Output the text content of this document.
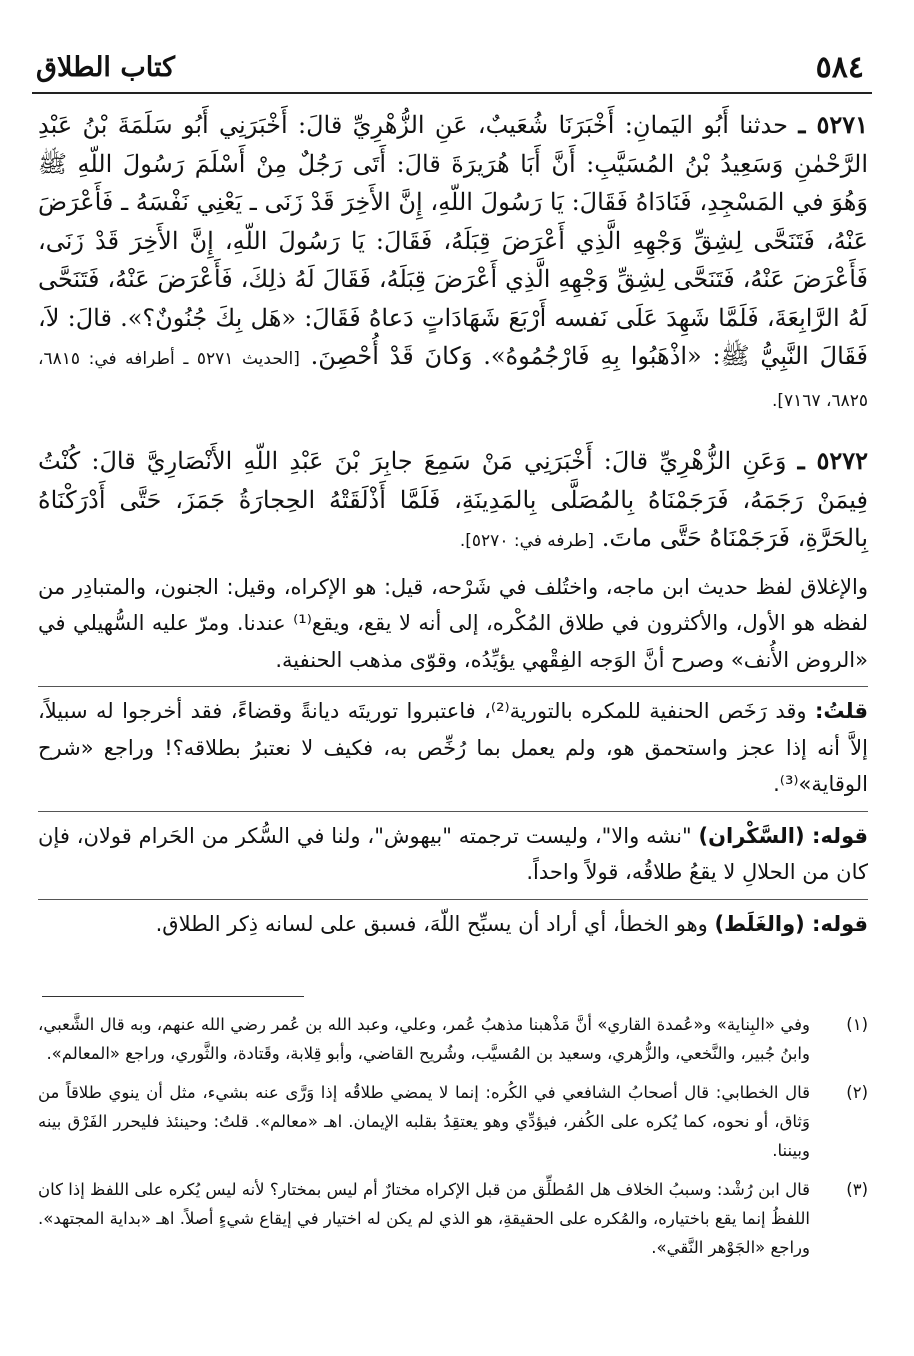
٥٨٤
كتاب الطلاق

٥٢٧١ ـ حدثنا أَبُو اليَمانِ: أَخْبَرَنَا شُعَيبٌ، عَنِ الزُّهْرِيِّ قالَ: أَخْبَرَنِي أَبُو سَلَمَةَ بْنُ عَبْدِ الرَّحْمٰنِ وَسَعِيدُ بْنُ المُسَيَّبِ: أَنَّ أَبَا هُرَيرَةَ قالَ: أَتَى رَجُلٌ مِنْ أَسْلَمَ رَسُولَ اللّهِ ﷺ وَهُوَ في المَسْجِدِ، فَنَادَاهُ فَقَالَ: يَا رَسُولَ اللّهِ، إِنَّ الأَخِرَ قَدْ زَنَى ـ يَعْنِي نَفْسَهُ ـ فَأَعْرَضَ عَنْهُ، فَتَنَحَّى لِشِقِّ وَجْهِهِ الَّذِي أَعْرَضَ قِبَلَهُ، فَقَالَ: يَا رَسُولَ اللّهِ، إِنَّ الأَخِرَ قَدْ زَنَى، فَأَعْرَضَ عَنْهُ، فَتَنَحَّى لِشِقِّ وَجْهِهِ الَّذِي أَعْرَضَ قِبَلَهُ، فَقَالَ لَهُ ذلِكَ، فَأَعْرَضَ عَنْهُ، فَتَنَحَّى لَهُ الرَّابِعَةَ، فَلَمَّا شَهِدَ عَلَى نَفسه أَرْبَعَ شَهَادَاتٍ دَعاهُ فَقَالَ: «هَل بِكَ جُنُونٌ؟». قالَ: لاَ، فَقَالَ النَّبِيُّ ﷺ: «اذْهَبُوا بِهِ فَارْجُمُوهُ». وَكانَ قَدْ أُحْصِنَ. [الحديث ٥٢٧١ ـ أطرافه في: ٦٨١٥، ٦٨٢٥، ٧١٦٧].

٥٢٧٢ ـ وَعَنِ الزُّهْرِيِّ قالَ: أَخْبَرَنِي مَنْ سَمِعَ جابِرَ بْنَ عَبْدِ اللّهِ الأَنْصَارِيَّ قالَ: كُنْتُ فِيمَنْ رَجَمَهُ، فَرَجَمْنَاهُ بِالمُصَلَّى بِالمَدِينَةِ، فَلَمَّا أَذْلَقَتْهُ الحِجارَةُ جَمَزَ، حَتَّى أَدْرَكْنَاهُ بِالحَرَّةِ، فَرَجَمْنَاهُ حَتَّى ماتَ. [طرفه في: ٥٢٧٠].

والإغلاق لفظ حديث ابن ماجه، واختُلف في شَرْحه، قيل: هو الإكراه، وقيل: الجنون، والمتبادِر من لفظه هو الأول، والأكثرون في طلاق المُكْره، إلى أنه لا يقع، ويقع⁽¹⁾ عندنا. ومرّ عليه السُّهيلي في «الروض الأُنف» وصرح أنَّ الوَجه الفِقْهي يؤيِّدُه، وقوّى مذهب الحنفية.

قلتُ: وقد رَخَص الحنفية للمكره بالتورية⁽²⁾، فاعتبروا توريتَه ديانةً وقضاءً، فقد أخرجوا له سبيلاً، إلاَّ أنه إذا عجز واستحمق هو، ولم يعمل بما رُخِّص به، فكيف لا نعتبرُ بطلاقه؟! وراجع «شرح الوقاية»⁽³⁾.

قوله: (السَّكْران) "نشه والا"، وليست ترجمته "بيهوش"، ولنا في السُّكر من الحَرام قولان، فإن كان من الحلالِ لا يقعُ طلاقُه، قولاً واحداً.

قوله: (والغَلَط) وهو الخطأ، أي أراد أن يسبِّح اللّهَ، فسبق على لسانه ذِكر الطلاق.

(١)
وفي «البِناية» و«عُمدة القاري» أنَّ مَذْهبنا مذهبُ عُمر، وعلي، وعبد الله بن عُمر رضي الله عنهم، وبه قال الشَّعبي، وابنُ جُبير، والنَّخعي، والزُّهري، وسعيد بن المُسيَّب، وشُريح القاضي، وأبو قِلابة، وقَتادة، والثَّوري، وراجع «المعالم».
(٢)
قال الخطابي: قال أصحابُ الشافعي في الكُره: إنما لا يمضي طلاقُه إذا وَرَّى عنه بشيء، مثل أن ينوي طلاقاً من وَثاق، أو نحوه، كما يُكره على الكُفر، فيؤدِّي وهو يعتقِدُ بقلبه الإيمان. اهـ «معالم». قلتُ: وحينئذ فليحرر الفَرْق بينه وبيننا.
(٣)
قال ابن رُشْد: وسببُ الخلاف هل المُطلِّق من قبل الإكراه مختارٌ أم ليس بمختار؟ لأنه ليس يُكره على اللفظ إذا كان اللفظُ إنما يقع باختياره، والمُكره على الحقيقةِ، هو الذي لم يكن له اختيار في إيقاع شيءٍ أصلاً. اهـ «بداية المجتهد». وراجع «الجَوْهر النَّقي».
